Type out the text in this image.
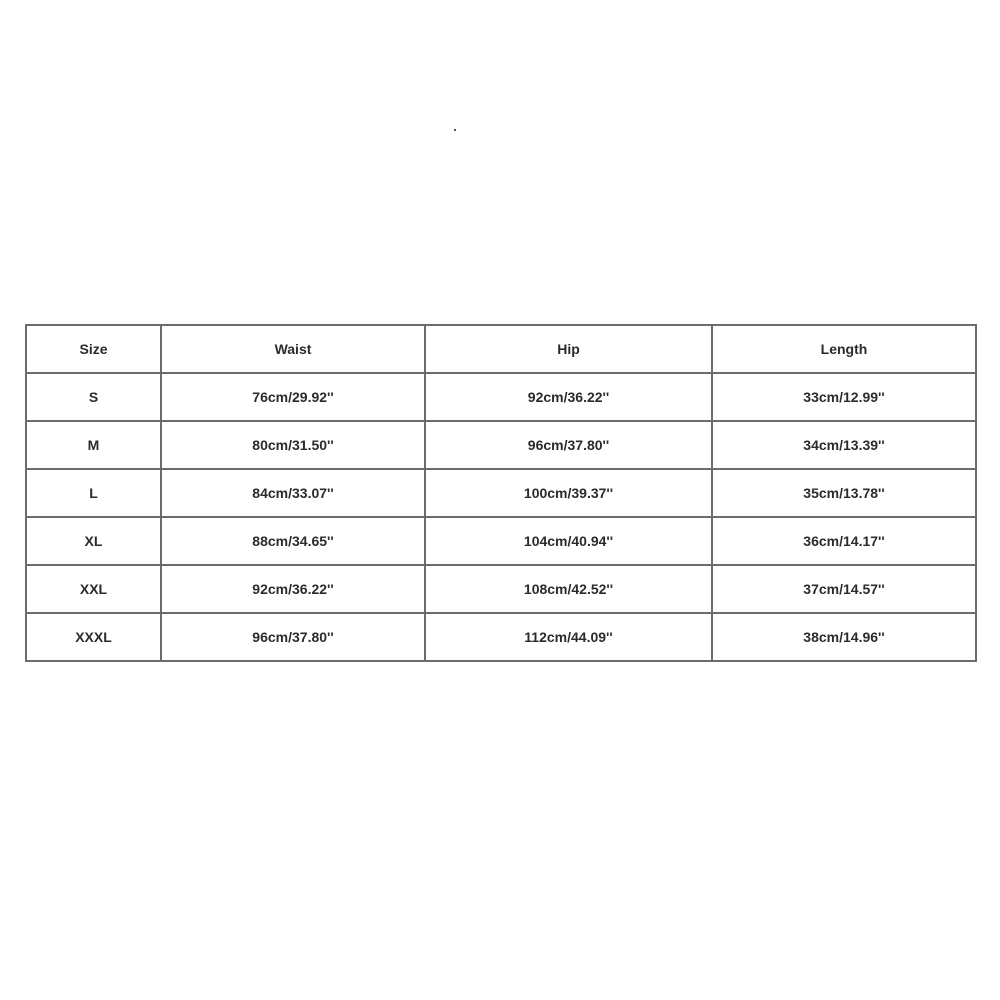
Size	Waist	Hip	Length
S	76cm/29.92''	92cm/36.22''	33cm/12.99''
M	80cm/31.50''	96cm/37.80''	34cm/13.39''
L	84cm/33.07''	100cm/39.37''	35cm/13.78''
XL	88cm/34.65''	104cm/40.94''	36cm/14.17''
XXL	92cm/36.22''	108cm/42.52''	37cm/14.57''
XXXL	96cm/37.80''	112cm/44.09''	38cm/14.96''
